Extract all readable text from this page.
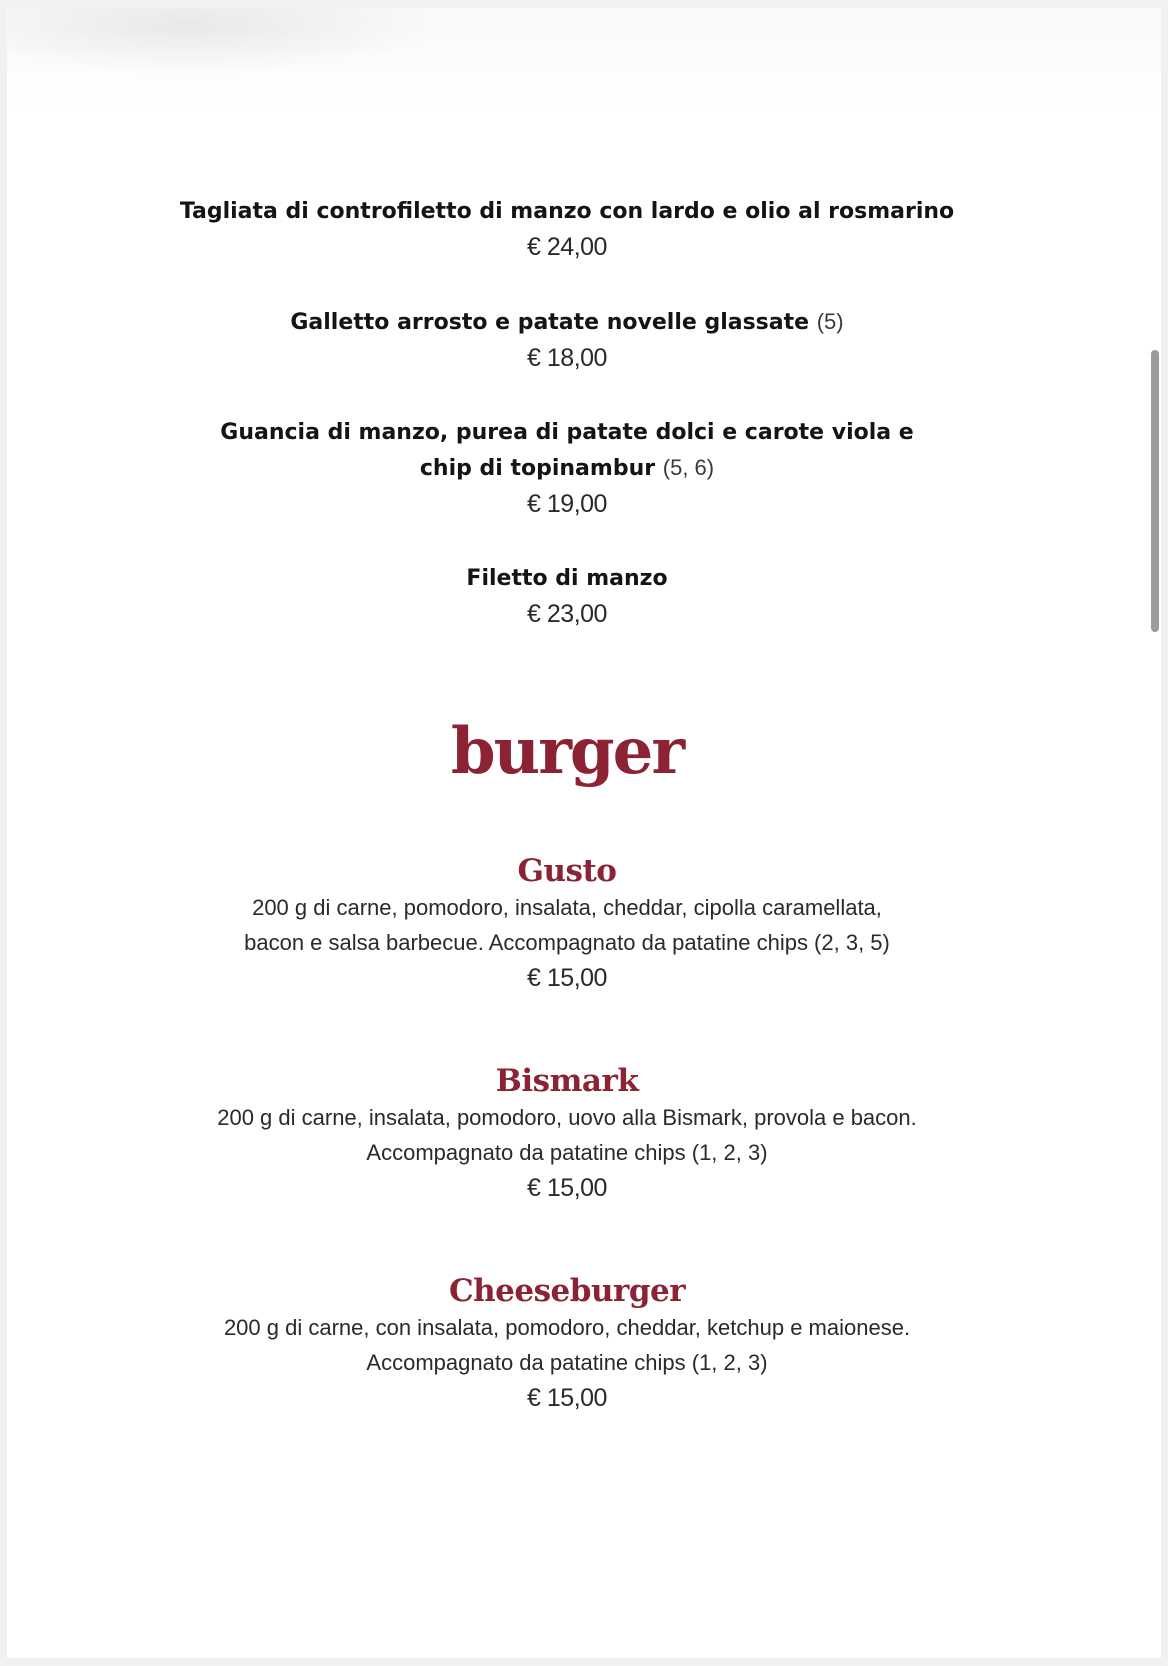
Tagliata di controfiletto di manzo con lardo e olio al rosmarino
€ 24,00
Galletto arrosto e patate novelle glassate (5)
€ 18,00
Guancia di manzo, purea di patate dolci e carote viola e
chip di topinambur (5, 6)
€ 19,00
Filetto di manzo
€ 23,00
burger
Gusto
200 g di carne, pomodoro, insalata, cheddar, cipolla caramellata,
bacon e salsa barbecue. Accompagnato da patatine chips (2, 3, 5)
€ 15,00
Bismark
200 g di carne, insalata, pomodoro, uovo alla Bismark, provola e bacon.
Accompagnato da patatine chips (1, 2, 3)
€ 15,00
Cheeseburger
200 g di carne, con insalata, pomodoro, cheddar, ketchup e maionese.
Accompagnato da patatine chips (1, 2, 3)
€ 15,00
